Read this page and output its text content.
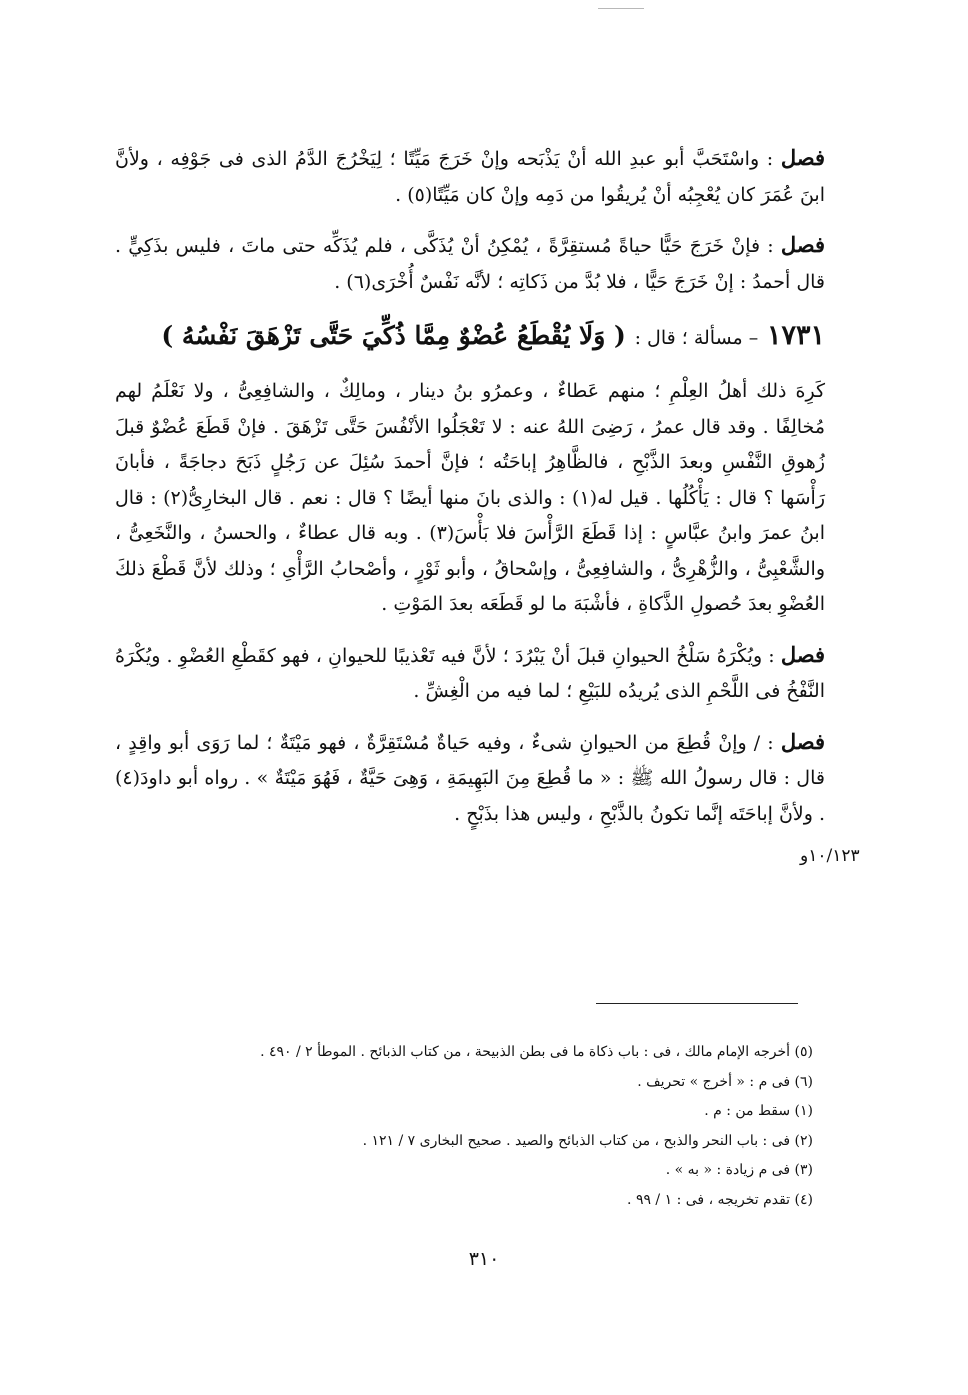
١٠/١٢٣و

فصل : واسْتَحَبَّ أبو عبدِ الله أنْ يَذْبَحه وإنْ خَرَجَ مَيِّتًا ؛ لِيَخْرُجَ الدَّمُ الذى فى جَوْفِه ، ولأنَّ ابنَ عُمَرَ كان يُعْجِبُه أنْ يُريقُوا من دَمِه وإنْ كان مَيِّتًا(٥) .

فصل : فإنْ خَرَجَ حَيًّا حياةً مُستقِرَّةً ، يُمْكِنُ أنْ يُذَكَّى ، فلم يُذَكِّه حتى ماتَ ، فليس بذَكِيٍّ . قال أحمدُ : إنْ خَرَجَ حَيًّا ، فلا بُدَّ من ذَكاتِه ؛ لأنَّه نَفْسٌ أُخْرَى(٦) .

١٧٣١ – مسألة ؛ قال : ( وَلَا يُقْطَعُ عُضْوٌ مِمَّا ذُكِّيَ حَتَّى تَزْهَقَ نَفْسُهُ )

كَرِهَ ذلك أهلُ العِلْمِ ؛ منهم عَطاءٌ ، وعمرُو بنُ دينار ، ومالِكٌ ، والشافِعِىُّ ، ولا نَعْلَمُ لهم مُخالِفًا . وقد قال عمرُ ، رَضِىَ اللهُ عنه : لا تَعْجَلُوا الأنْفُسَ حَتَّى تَزْهَقَ . فإنْ قَطَعَ عُضْوٌ قبلَ زُهوقِ النَّفْسِ وبعدَ الذَّبْحِ ، فالظَّاهِرُ إباحَتُه ؛ فإنَّ أحمدَ سُئِلَ عن رَجُلٍ ذَبَحَ دجاجَةً ، فأبانَ رَأْسَها ؟ قال : يَأْكُلُها . قيل له(١) : والذى بانَ منها أيضًا ؟ قال : نعم . قال البخارِىُّ(٢) : قال ابنُ عمرَ وابنُ عبَّاسٍ : إذا قَطَعَ الرَّأْسَ فلا بَأْسَ(٣) . وبه قال عطاءٌ ، والحسنُ ، والنَّخَعِىُّ ، والشَّعْبِىُّ ، والزُّهْرِىُّ ، والشافِعِىُّ ، وإسْحاقُ ، وأبو ثَوْرٍ ، وأصْحابُ الرَّأْىِ ؛ وذلك لأنَّ قَطْعَ ذلكَ العُضْوِ بعدَ حُصولِ الذَّكاةِ ، فأشْبَهَ ما لو قَطَعَه بعدَ المَوْتِ .

فصل : ويُكْرَهُ سَلْخُ الحيوانِ قبلَ أنْ يَبْرُدَ ؛ لأنَّ فيه تَعْذيبًا للحيوانِ ، فهو كقَطْعِ العُضْوِ . ويُكْرَهُ النَّفْخُ فى اللَّحْمِ الذى يُريدُه للبَيْعِ ؛ لما فيه من الْغِشِّ .

فصل : / وإنْ قُطِعَ من الحيوانِ شىءٌ ، وفيه حَياةٌ مُسْتَقِرَّةٌ ، فهو مَيْتَةٌ ؛ لما رَوَى أبو واقِدٍ ، قال : قال رسولُ الله ﷺ : « ما قُطِعَ مِنَ البَهِيمَةِ ، وَهِىَ حَيَّةٌ ، فَهُوَ مَيْتَةٌ » . رواه أبو داودَ(٤) . ولأنَّ إباحَتَه إنَّما تكونُ بالذَّبْحِ ، وليس هذا بذَبْحٍ .

(٥) أخرجه الإمام مالك ، فى : باب ذكاة ما فى بطن الذبيحة ، من كتاب الذبائح . الموطأ ٢ / ٤٩٠ .

(٦) فى م : « أخرج » تحريف .

(١) سقط من : م .

(٢) فى : باب النحر والذبح ، من كتاب الذبائح والصيد . صحيح البخارى ٧ / ١٢١ .

(٣) فى م زيادة : « به » .

(٤) تقدم تخريجه ، فى : ١ / ٩٩ .

٣١٠
